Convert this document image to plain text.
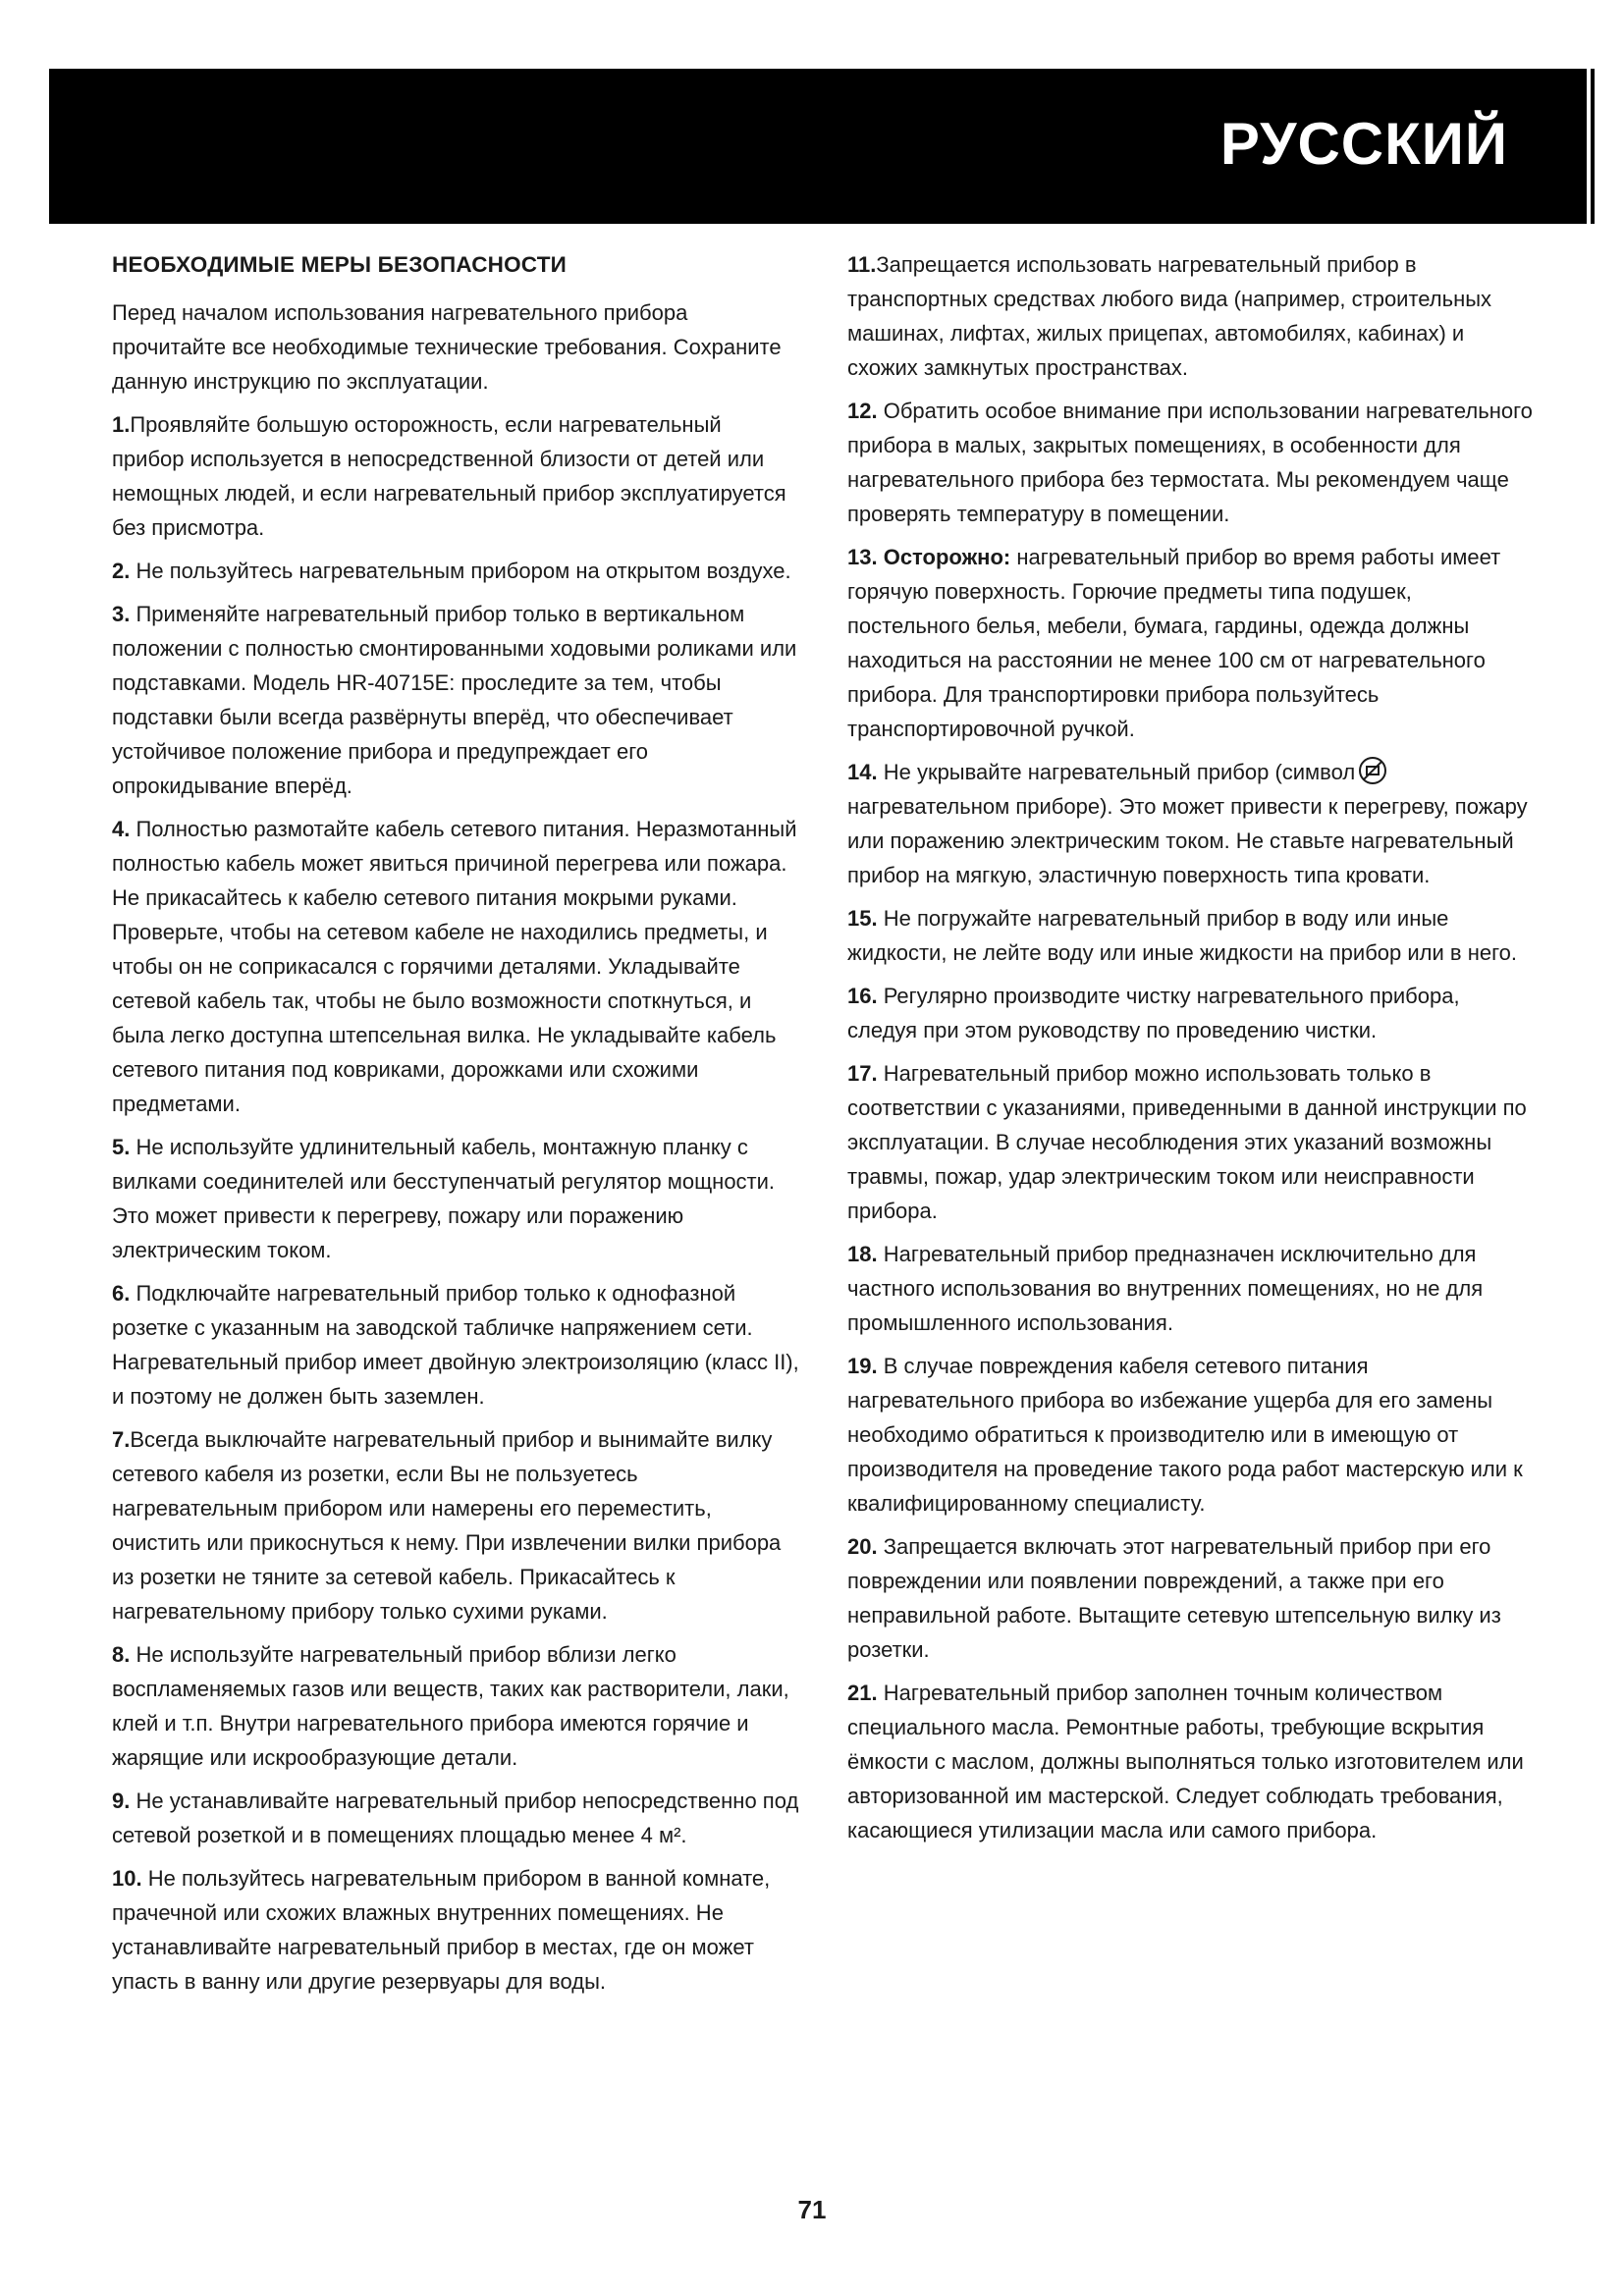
РУССКИЙ
НЕОБХОДИМЫЕ МЕРЫ БЕЗОПАСНОСТИ
Перед началом использования нагревательного прибора прочитайте все необходимые технические требования. Сохраните данную инструкцию по эксплуатации.
1.Проявляйте большую осторожность, если нагревательный прибор используется в непосредственной близости от детей или немощных людей, и если нагревательный прибор эксплуатируется без присмотра.
2. Не пользуйтесь нагревательным прибором на открытом воздухе.
3. Применяйте нагревательный прибор только в вертикальном положении с полностью смонтированными ходовыми роликами или подставками. Модель HR-40715E: проследите за тем, чтобы подставки были всегда развёрнуты вперёд, что обеспечивает устойчивое положение прибора и предупреждает его опрокидывание вперёд.
4. Полностью размотайте кабель сетевого питания. Неразмотанный полностью кабель может явиться причиной перегрева или пожара. Не прикасайтесь к кабелю сетевого питания мокрыми руками. Проверьте, чтобы на сетевом кабеле не находились предметы, и чтобы он не соприкасался с горячими деталями. Укладывайте сетевой кабель так, чтобы не было возможности споткнуться, и была легко доступна штепсельная вилка. Не укладывайте кабель сетевого питания под ковриками, дорожками или схожими предметами.
5. Не используйте удлинительный кабель, монтажную планку с вилками соединителей или бесступенчатый регулятор мощности. Это может привести к перегреву, пожару или поражению электрическим током.
6. Подключайте нагревательный прибор только к однофазной розетке с указанным на заводской табличке напряжением сети. Нагревательный прибор имеет двойную электроизоляцию (класс II), и поэтому не должен быть заземлен.
7.Всегда выключайте нагревательный прибор и вынимайте вилку сетевого кабеля из розетки, если Вы не пользуетесь нагревательным прибором или намерены его переместить, очистить или прикоснуться к нему. При извлечении вилки прибора из розетки не тяните за сетевой кабель. Прикасайтесь к нагревательному прибору только сухими руками.
8. Не используйте нагревательный прибор вблизи легко воспламеняемых газов или веществ, таких как растворители, лаки, клей и т.п. Внутри нагревательного прибора имеются горячие и жарящие или искрообразующие детали.
9. Не устанавливайте нагревательный прибор непосредственно под сетевой розеткой и в помещениях площадью менее 4 м².
10. Не пользуйтесь нагревательным прибором в ванной комнате, прачечной или схожих влажных внутренних помещениях. Не устанавливайте нагревательный прибор в местах, где он может упасть в ванну или другие резервуары для воды.
11.Запрещается использовать нагревательный прибор в транспортных средствах любого вида (например, строительных машинах, лифтах, жилых прицепах, автомобилях, кабинах) и схожих замкнутых пространствах.
12. Обратить особое внимание при использовании нагревательного прибора в малых, закрытых помещениях, в особенности для нагревательного прибора без термостата. Мы рекомендуем чаще проверять температуру в помещении.
13. Осторожно: нагревательный прибор во время работы имеет горячую поверхность. Горючие предметы типа подушек, постельного белья, мебели, бумага, гардины, одежда должны находиться на расстоянии не менее 100 см от нагревательного прибора. Для транспортировки прибора пользуйтесь транспортировочной ручкой.
14. Не укрывайте нагревательный прибор (символ нагревательном приборе). Это может привести к перегреву, пожару или поражению электрическим током. Не ставьте нагревательный прибор на мягкую, эластичную поверхность типа кровати.
15. Не погружайте нагревательный прибор в воду или иные жидкости, не лейте воду или иные жидкости на прибор или в него.
16. Регулярно производите чистку нагревательного прибора, следуя при этом руководству по проведению чистки.
17. Нагревательный прибор можно использовать только в соответствии с указаниями, приведенными в данной инструкции по эксплуатации. В случае несоблюдения этих указаний возможны травмы, пожар, удар электрическим током или неисправности прибора.
18. Нагревательный прибор предназначен исключительно для частного использования во внутренних помещениях, но не для промышленного использования.
19. В случае повреждения кабеля сетевого питания нагревательного прибора во избежание ущерба для его замены необходимо обратиться к производителю или в имеющую от производителя на проведение такого рода работ мастерскую или к квалифицированному специалисту.
20. Запрещается включать этот нагревательный прибор при его повреждении или появлении повреждений, а также при его неправильной работе. Вытащите сетевую штепсельную вилку из розетки.
21. Нагревательный прибор заполнен точным количеством специального масла. Ремонтные работы, требующие вскрытия ёмкости с маслом, должны выполняться только изготовителем или авторизованной им мастерской. Следует соблюдать требования, касающиеся утилизации масла или самого прибора.
71
